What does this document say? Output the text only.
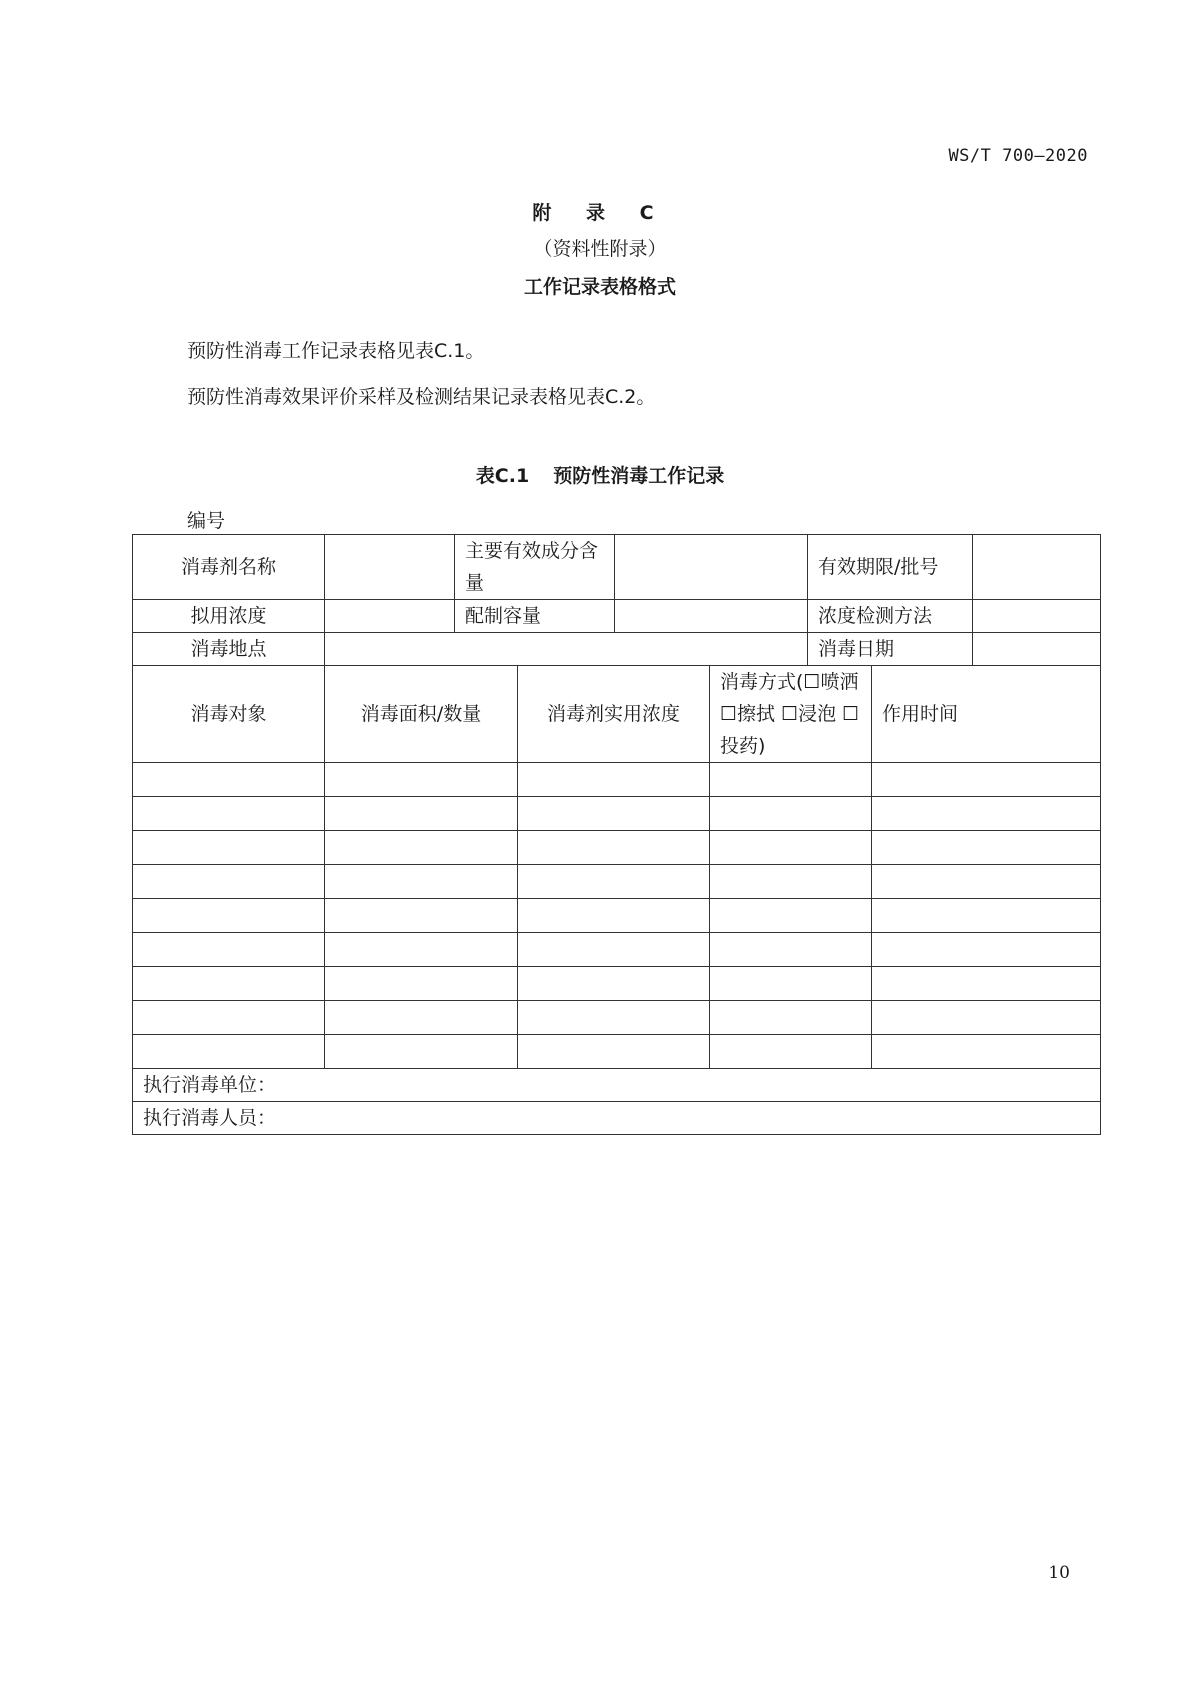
WS/T 700—2020
附 录 C
（资料性附录）
工作记录表格格式
预防性消毒工作记录表格见表C.1。
预防性消毒效果评价采样及检测结果记录表格见表C.2。
表C.1 预防性消毒工作记录
编号
消毒剂名称		主要有效成分含量				有效期限/批号		
拟用浓度		配制容量				浓度检测方法		
消毒地点						消毒日期		
消毒对象	消毒面积/数量		消毒剂实用浓度		消毒方式(☐喷洒☐擦拭 ☐浸泡 ☐投药)		作用时间	

执行消毒单位：								
执行消毒人员：								
10
